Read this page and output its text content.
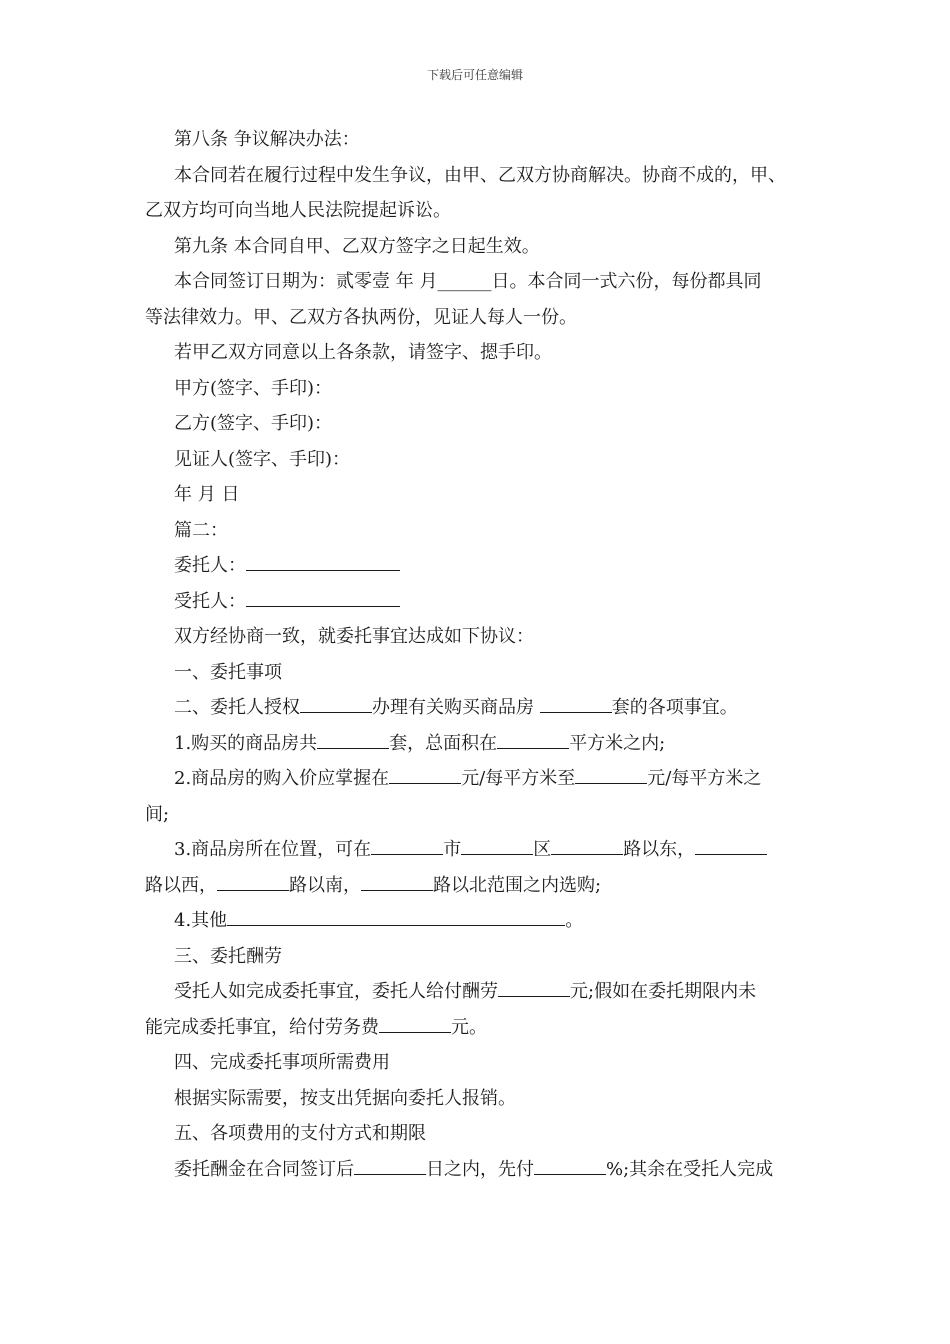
下载后可任意编辑
第八条 争议解决办法：
本合同若在履行过程中发生争议，由甲、乙双方协商解决。协商不成的，甲、
乙双方均可向当地人民法院提起诉讼。
第九条 本合同自甲、乙双方签字之日起生效。
本合同签订日期为：贰零壹 年 月______日。本合同一式六份，每份都具同
等法律效力。甲、乙双方各执两份，见证人每人一份。
若甲乙双方同意以上各条款，请签字、摁手印。
甲方(签字、手印)：
乙方(签字、手印)：
见证人(签字、手印)：
年 月 日
篇二：
委托人：
受托人：
双方经协商一致，就委托事宜达成如下协议：
一、委托事项
二、委托人授权	办理有关购买商品房	套的各项事宜。
1.购买的商品房共	套，总面积在	平方米之内;
2.商品房的购入价应掌握在	元/每平方米至	元/每平方米之
间;
3.商品房所在位置，可在	市	区	路以东，
路以西，	路以南，	路以北范围之内选购;
4.其他	。
三、委托酬劳
受托人如完成委托事宜，委托人给付酬劳	元;假如在委托期限内未
能完成委托事宜，给付劳务费	元。
四、完成委托事项所需费用
根据实际需要，按支出凭据向委托人报销。
五、各项费用的支付方式和期限
委托酬金在合同签订后	日之内，先付	%;其余在受托人完成
